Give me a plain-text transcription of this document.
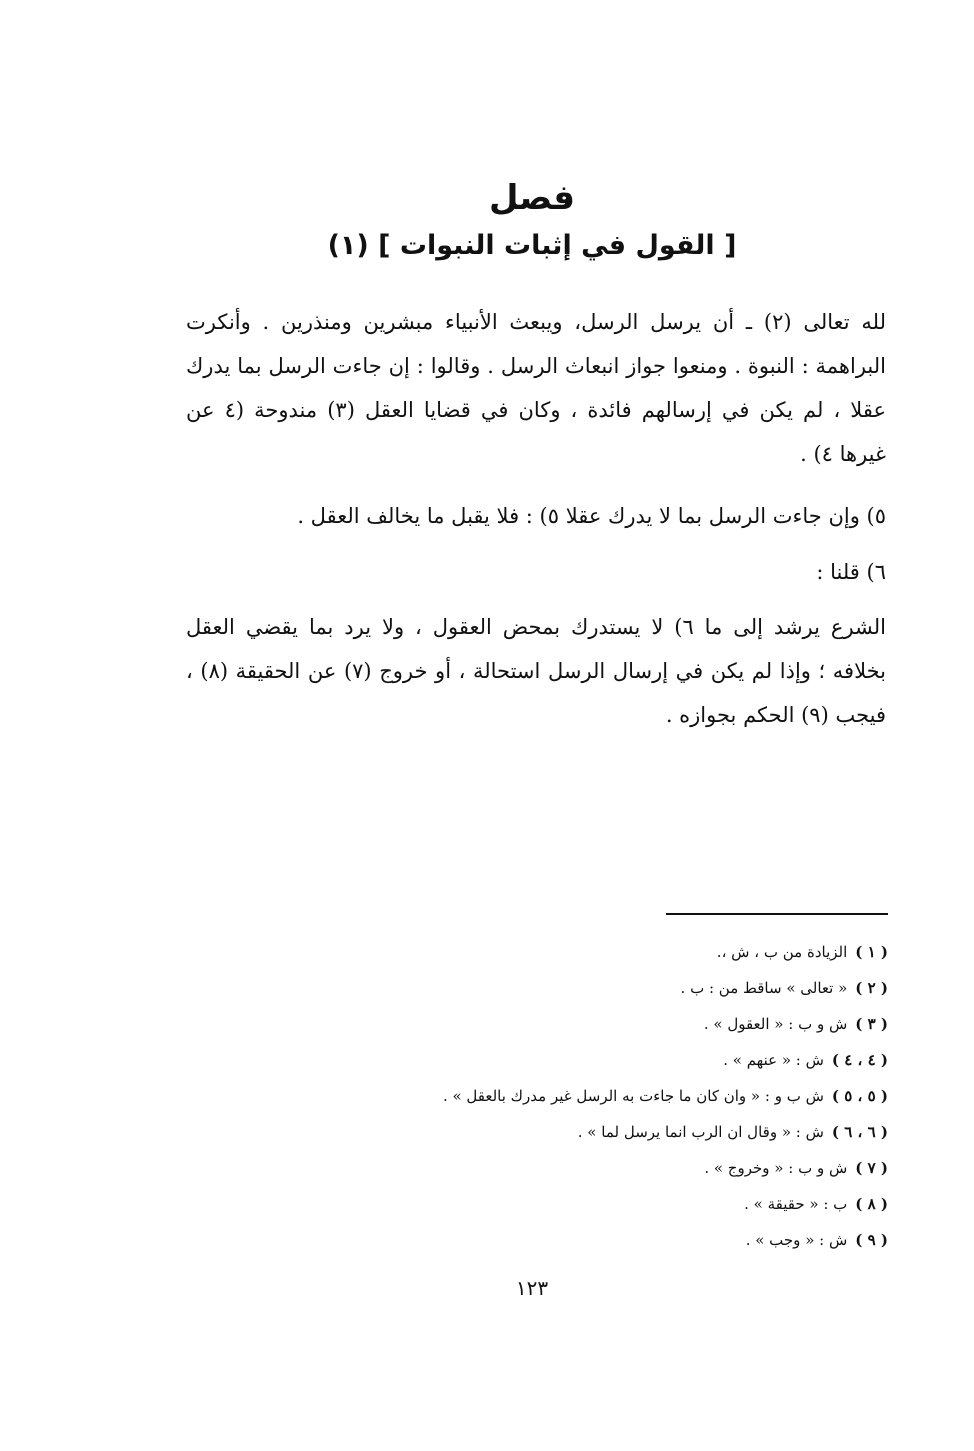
فصل
[ القول في إثبات النبوات ] (١)
لله تعالى (٢) ـ أن يرسل الرسل، ويبعث الأنبياء مبشرين ومنذرين . وأنكرت البراهمة : النبوة . ومنعوا جواز انبعاث الرسل . وقالوا : إن جاءت الرسل بما يدرك عقلا ، لم يكن في إرسالهم فائدة ، وكان في قضايا العقل (٣) مندوحة (٤ عن غيرها ٤) .
٥) وإن جاءت الرسل بما لا يدرك عقلا ٥) : فلا يقبل ما يخالف العقل .
٦) قلنا :
الشرع يرشد إلى ما ٦) لا يستدرك بمحض العقول ، ولا يرد بما يقضي العقل بخلافه ؛ وإذا لم يكن في إرسال الرسل استحالة ، أو خروج (٧) عن الحقيقة (٨) ، فيجب (٩) الحكم بجوازه .
( ١ )الزيادة من ب ، ش ،.
( ٢ )« تعالى » ساقط من : ب .
( ٣ )ش و ب : « العقول » .
( ٤ ، ٤ )ش : « عنهم » .
( ٥ ، ٥ )ش ب و : « وان كان ما جاءت به الرسل غير مدرك بالعقل » .
( ٦ ، ٦ )ش : « وقال ان الرب انما يرسل لما » .
( ٧ )ش و ب : « وخروج » .
( ٨ )ب : « حقيقة » .
( ٩ )ش : « وجب » .
١٢٣
